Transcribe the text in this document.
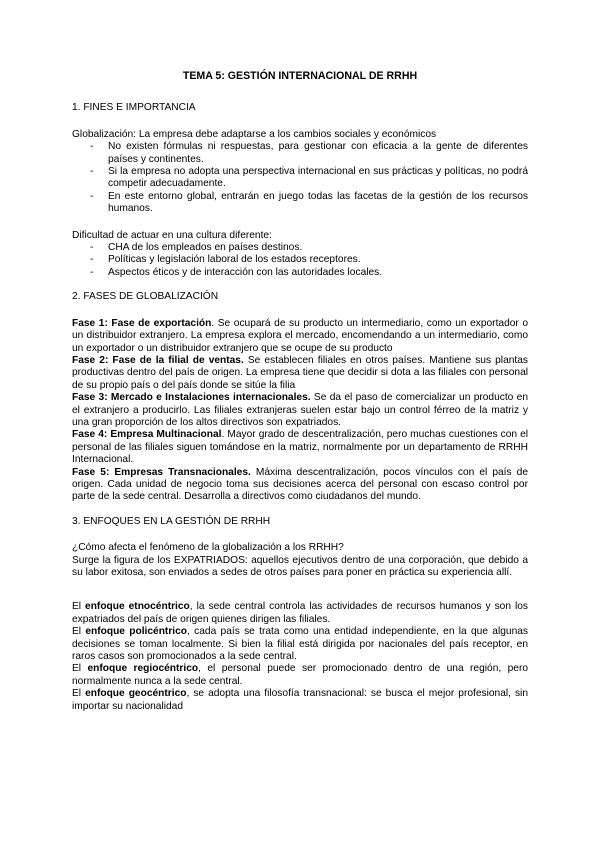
TEMA 5: GESTIÓN INTERNACIONAL DE RRHH
1. FINES E IMPORTANCIA

Globalización: La empresa debe adaptarse a los cambios sociales y económicos

- No existen fórmulas ni respuestas, para gestionar con eficacia a la gente de diferentes países y continentes.
- Si la empresa no adopta una perspectiva internacional en sus prácticas y políticas, no podrá competir adecuadamente.
- En este entorno global, entrarán en juego todas las facetas de la gestión de los recursos humanos.

Dificultad de actuar en una cultura diferente:

- CHA de los empleados en países destinos.
- Políticas y legislación laboral de los estados receptores.
- Aspectos éticos y de interacción con las autoridades locales.
2. FASES DE GLOBALIZACIÓN

Fase 1: Fase de exportación. Se ocupará de su producto un intermediario, como un exportador o un distribuidor extranjero. La empresa explora el mercado, encomendando a un intermediario, como un exportador o un distribuidor extranjero que se ocupe de su producto

Fase 2: Fase de la filial de ventas. Se establecen filiales en otros países. Mantiene sus plantas productivas dentro del país de origen. La empresa tiene que decidir si dota a las filiales con personal de su propio país o del país donde se sitúe la filia

Fase 3: Mercado e Instalaciones internacionales. Se da el paso de comercializar un producto en el extranjero a producirlo. Las filiales extranjeras suelen estar bajo un control férreo de la matriz y una gran proporción de los altos directivos son expatriados.

Fase 4: Empresa Multinacional. Mayor grado de descentralización, pero muchas cuestiones con el personal de las filiales siguen tomándose en la matriz, normalmente por un departamento de RRHH Internacional.

Fase 5: Empresas Transnacionales. Máxima descentralización, pocos vínculos con el país de origen. Cada unidad de negocio toma sus decisiones acerca del personal con escaso control por parte de la sede central. Desarrolla a directivos como ciudadanos del mundo.

3. ENFOQUES EN LA GESTIÓN DE RRHH

¿Cómo afecta el fenómeno de la globalización a los RRHH?

Surge la figura de los EXPATRIADOS: aquellos ejecutivos dentro de una corporación, que debido a su labor exitosa, son enviados a sedes de otros países para poner en práctica su experiencia allí.

El enfoque etnocéntrico, la sede central controla las actividades de recursos humanos y son los expatriados del país de origen quienes dirigen las filiales.

El enfoque policéntrico, cada país se trata como una entidad independiente, en la que algunas decisiones se toman localmente. Si bien la filial está dirigida por nacionales del país receptor, en raros casos son promocionados a la sede central.

El enfoque regiocéntrico, el personal puede ser promocionado dentro de una región, pero normalmente nunca a la sede central.

El enfoque geocéntrico, se adopta una filosofía transnacional: se busca el mejor profesional, sin importar su nacionalidad
